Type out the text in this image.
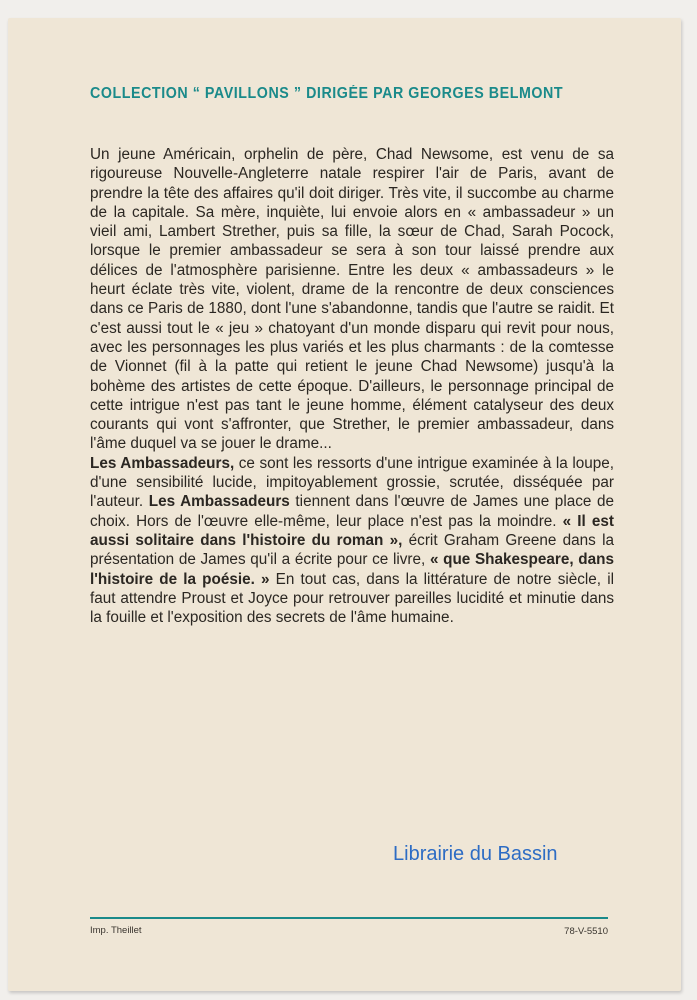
COLLECTION “ PAVILLONS ” DIRIGÉE PAR GEORGES BELMONT

Un jeune Américain, orphelin de père, Chad Newsome, est venu de sa rigoureuse Nouvelle-Angleterre natale respirer l'air de Paris, avant de prendre la tête des affaires qu'il doit diriger. Très vite, il succombe au charme de la capitale. Sa mère, inquiète, lui envoie alors en « ambassadeur » un vieil ami, Lambert Strether, puis sa fille, la sœur de Chad, Sarah Pocock, lorsque le premier ambassadeur se sera à son tour laissé prendre aux délices de l'atmosphère parisienne. Entre les deux « ambassadeurs » le heurt éclate très vite, violent, drame de la rencontre de deux consciences dans ce Paris de 1880, dont l'une s'abandonne, tandis que l'autre se raidit. Et c'est aussi tout le « jeu » chatoyant d'un monde disparu qui revit pour nous, avec les personnages les plus variés et les plus charmants : de la comtesse de Vionnet (fil à la patte qui retient le jeune Chad Newsome) jusqu'à la bohème des artistes de cette époque. D'ailleurs, le personnage principal de cette intrigue n'est pas tant le jeune homme, élément catalyseur des deux courants qui vont s'affronter, que Strether, le premier ambassadeur, dans l'âme duquel va se jouer le drame...

Les Ambassadeurs, ce sont les ressorts d'une intrigue examinée à la loupe, d'une sensibilité lucide, impitoyablement grossie, scrutée, disséquée par l'auteur. Les Ambassadeurs tiennent dans l'œuvre de James une place de choix. Hors de l'œuvre elle-même, leur place n'est pas la moindre. « Il est aussi solitaire dans l'histoire du roman », écrit Graham Greene dans la présentation de James qu'il a écrite pour ce livre, « que Shakespeare, dans l'histoire de la poésie. » En tout cas, dans la littérature de notre siècle, il faut attendre Proust et Joyce pour retrouver pareilles lucidité et minutie dans la fouille et l'exposition des secrets de l'âme humaine.

Librairie du Bassin
Imp. Theillet	78-V-5510
